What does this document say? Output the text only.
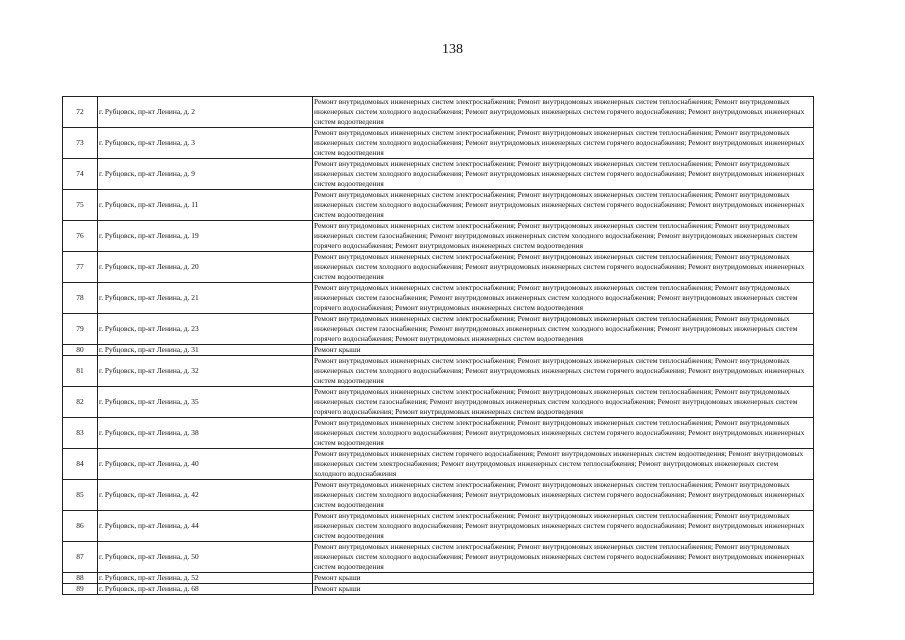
138
72	г. Рубцовск, пр-кт Ленина, д. 2	Ремонт внутридомовых инженерных систем электроснабжения; Ремонт внутридомовых инженерных систем теплоснабжения; Ремонт внутридомовых инженерных систем холодного водоснабжения; Ремонт внутридомовых инженерных систем горячего водоснабжения; Ремонт внутридомовых инженерных систем водоотведения
73	г. Рубцовск, пр-кт Ленина, д. 3	Ремонт внутридомовых инженерных систем электроснабжения; Ремонт внутридомовых инженерных систем теплоснабжения; Ремонт внутридомовых инженерных систем холодного водоснабжения; Ремонт внутридомовых инженерных систем горячего водоснабжения; Ремонт внутридомовых инженерных систем водоотведения
74	г. Рубцовск, пр-кт Ленина, д. 9	Ремонт внутридомовых инженерных систем электроснабжения; Ремонт внутридомовых инженерных систем теплоснабжения; Ремонт внутридомовых инженерных систем холодного водоснабжения; Ремонт внутридомовых инженерных систем горячего водоснабжения; Ремонт внутридомовых инженерных систем водоотведения
75	г. Рубцовск, пр-кт Ленина, д. 11	Ремонт внутридомовых инженерных систем электроснабжения; Ремонт внутридомовых инженерных систем теплоснабжения; Ремонт внутридомовых инженерных систем холодного водоснабжения; Ремонт внутридомовых инженерных систем горячего водоснабжения; Ремонт внутридомовых инженерных систем водоотведения
76	г. Рубцовск, пр-кт Ленина, д. 19	Ремонт внутридомовых инженерных систем электроснабжения; Ремонт внутридомовых инженерных систем теплоснабжения; Ремонт внутридомовых инженерных систем газоснабжения; Ремонт внутридомовых инженерных систем холодного водоснабжения; Ремонт внутридомовых инженерных систем горячего водоснабжения; Ремонт внутридомовых инженерных систем водоотведения
77	г. Рубцовск, пр-кт Ленина, д. 20	Ремонт внутридомовых инженерных систем электроснабжения; Ремонт внутридомовых инженерных систем теплоснабжения; Ремонт внутридомовых инженерных систем холодного водоснабжения; Ремонт внутридомовых инженерных систем горячего водоснабжения; Ремонт внутридомовых инженерных систем водоотведения
78	г. Рубцовск, пр-кт Ленина, д. 21	Ремонт внутридомовых инженерных систем электроснабжения; Ремонт внутридомовых инженерных систем теплоснабжения; Ремонт внутридомовых инженерных систем газоснабжения; Ремонт внутридомовых инженерных систем холодного водоснабжения; Ремонт внутридомовых инженерных систем горячего водоснабжения; Ремонт внутридомовых инженерных систем водоотведения
79	г. Рубцовск, пр-кт Ленина, д. 23	Ремонт внутридомовых инженерных систем электроснабжения; Ремонт внутридомовых инженерных систем теплоснабжения; Ремонт внутридомовых инженерных систем газоснабжения; Ремонт внутридомовых инженерных систем холодного водоснабжения; Ремонт внутридомовых инженерных систем горячего водоснабжения; Ремонт внутридомовых инженерных систем водоотведения
80	г. Рубцовск, пр-кт Ленина, д. 31	Ремонт крыши
81	г. Рубцовск, пр-кт Ленина, д. 32	Ремонт внутридомовых инженерных систем электроснабжения; Ремонт внутридомовых инженерных систем теплоснабжения; Ремонт внутридомовых инженерных систем холодного водоснабжения; Ремонт внутридомовых инженерных систем горячего водоснабжения; Ремонт внутридомовых инженерных систем водоотведения
82	г. Рубцовск, пр-кт Ленина, д. 35	Ремонт внутридомовых инженерных систем электроснабжения; Ремонт внутридомовых инженерных систем теплоснабжения; Ремонт внутридомовых инженерных систем газоснабжения; Ремонт внутридомовых инженерных систем холодного водоснабжения; Ремонт внутридомовых инженерных систем горячего водоснабжения; Ремонт внутридомовых инженерных систем водоотведения
83	г. Рубцовск, пр-кт Ленина, д. 38	Ремонт внутридомовых инженерных систем электроснабжения; Ремонт внутридомовых инженерных систем теплоснабжения; Ремонт внутридомовых инженерных систем холодного водоснабжения; Ремонт внутридомовых инженерных систем горячего водоснабжения; Ремонт внутридомовых инженерных систем водоотведения
84	г. Рубцовск, пр-кт Ленина, д. 40	Ремонт внутридомовых инженерных систем горячего водоснабжения; Ремонт внутридомовых инженерных систем водоотведения; Ремонт внутридомовых инженерных систем электроснабжения; Ремонт внутридомовых инженерных систем теплоснабжения; Ремонт внутридомовых инженерных систем холодного водоснабжения
85	г. Рубцовск, пр-кт Ленина, д. 42	Ремонт внутридомовых инженерных систем электроснабжения; Ремонт внутридомовых инженерных систем теплоснабжения; Ремонт внутридомовых инженерных систем холодного водоснабжения; Ремонт внутридомовых инженерных систем горячего водоснабжения; Ремонт внутридомовых инженерных систем водоотведения
86	г. Рубцовск, пр-кт Ленина, д. 44	Ремонт внутридомовых инженерных систем электроснабжения; Ремонт внутридомовых инженерных систем теплоснабжения; Ремонт внутридомовых инженерных систем холодного водоснабжения; Ремонт внутридомовых инженерных систем горячего водоснабжения; Ремонт внутридомовых инженерных систем водоотведения
87	г. Рубцовск, пр-кт Ленина, д. 50	Ремонт внутридомовых инженерных систем электроснабжения; Ремонт внутридомовых инженерных систем теплоснабжения; Ремонт внутридомовых инженерных систем холодного водоснабжения; Ремонт внутридомовых инженерных систем горячего водоснабжения; Ремонт внутридомовых инженерных систем водоотведения
88	г. Рубцовск, пр-кт Ленина, д. 52	Ремонт крыши
89	г. Рубцовск, пр-кт Ленина, д. 68	Ремонт крыши
